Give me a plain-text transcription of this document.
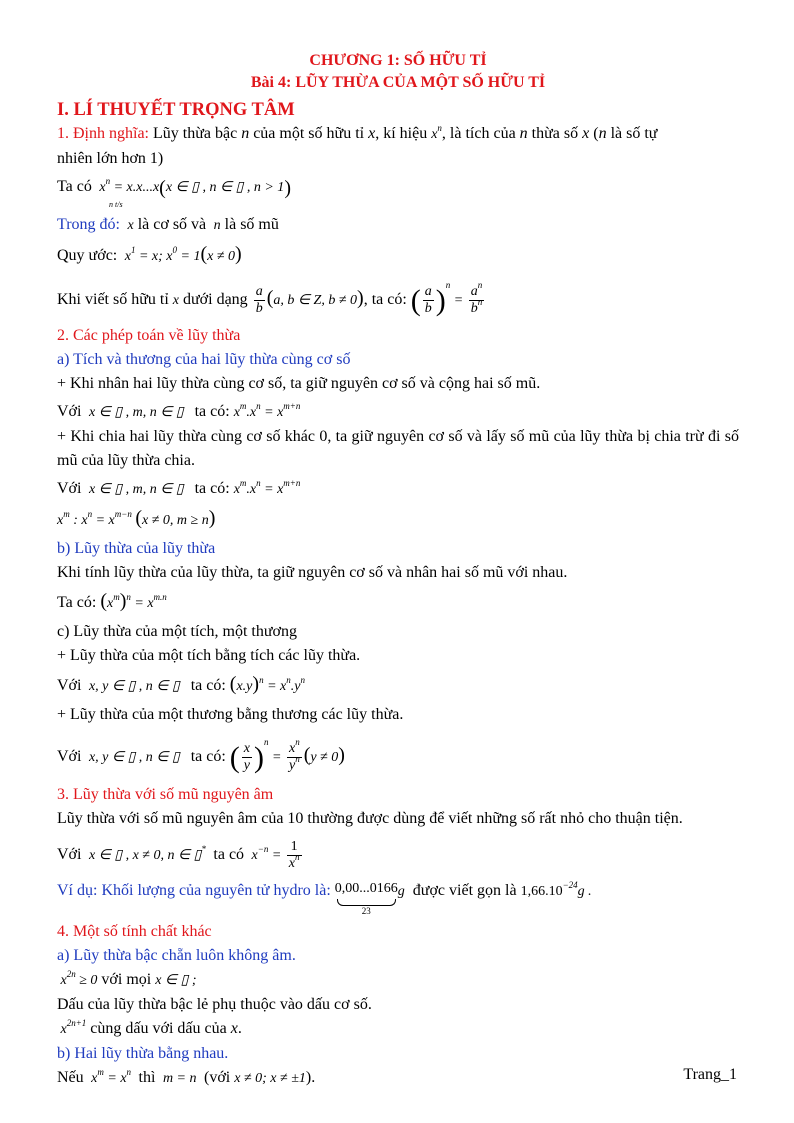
CHƯƠNG 1: SỐ HỮU TỈ
Bài 4: LŨY THỪA CỦA MỘT SỐ HỮU TỈ
I. LÍ THUYẾT TRỌNG TÂM
1. Định nghĩa: Lũy thừa bậc n của một số hữu tỉ x, kí hiệu $x^n$, là tích của n thừa số x (n là số tự
nhiên lớn hơn 1)
Ta có  $x^n = x.x...x(x$ ∈ ▯ , n ∈ ▯ , n > 1)
n t/s
Trong đó:  x là cơ số và  n là số mũ
Quy ước:  $x^1 = x$; $x^0 = 1(x \ne 0)$
Khi viết số hữu tỉ x dưới dạng $\frac{a}{b} (a$, b ∈ Z, b ≠ 0), ta có: ( $\frac{a}{b} )^n = \frac{a^n}{b^n}$
2. Các phép toán về lũy thừa
a) Tích và thương của hai lũy thừa cùng cơ số
+ Khi nhân hai lũy thừa cùng cơ số, ta giữ nguyên cơ số và cộng hai số mũ.
Với  x ∈ ▯ , m, n ∈ ▯   ta có: $x^m.x^n = x^{m+n}$
+ Khi chia hai lũy thừa cùng cơ số khác 0, ta giữ nguyên cơ số và lấy số mũ của lũy thừa bị chia trừ đi số mũ của lũy thừa chia.
Với  x ∈ ▯ , m, n ∈ ▯   ta có: $x^m.x^n = x^{m+n}$
$x^m$ : $x^n = x^{m-n}$ (x ≠ 0, m ≥ n)
b) Lũy thừa của lũy thừa
Khi tính lũy thừa của lũy thừa, ta giữ nguyên cơ số và nhân hai số mũ với nhau.
Ta có: $(x^m)^n = x^{m.n}$
c) Lũy thừa của một tích, một thương
+ Lũy thừa của một tích bằng tích các lũy thừa.
Với  x, y ∈ ▯ , n ∈ ▯   ta có: $(x.y)^n = x^n.y^n$
+ Lũy thừa của một thương bằng thương các lũy thừa.
Với  x, y ∈ ▯ , n ∈ ▯   ta có: ( $\frac{x}{y} )^n = \frac{x^n}{y^n} (y \ne 0)$
3. Lũy thừa với số mũ nguyên âm
Lũy thừa với số mũ nguyên âm của 10 thường được dùng để viết những số rất nhỏ cho thuận tiện.
Với  x ∈ ▯ , x ≠ 0, n ∈ ▯* ta có  $x^{-n} = \frac{1}{x^n}$
Ví dụ: Khối lượng của nguyên tử hydro là: 0,00...0166
23
g được viết gọn là $1,66.10^{-24}g$ .
4. Một số tính chất khác
a) Lũy thừa bậc chẵn luôn không âm.
$x^{2n} \ge 0$ với mọi x ∈ ▯ ;
Dấu của lũy thừa bậc lẻ phụ thuộc vào dấu cơ số.
$x^{2n+1}$ cùng dấu với dấu của x.
b) Hai lũy thừa bằng nhau.
Nếu  $x^m = x^n$ thì  m = n  (với x ≠ 0; x ≠ ±1).	Trang_1
